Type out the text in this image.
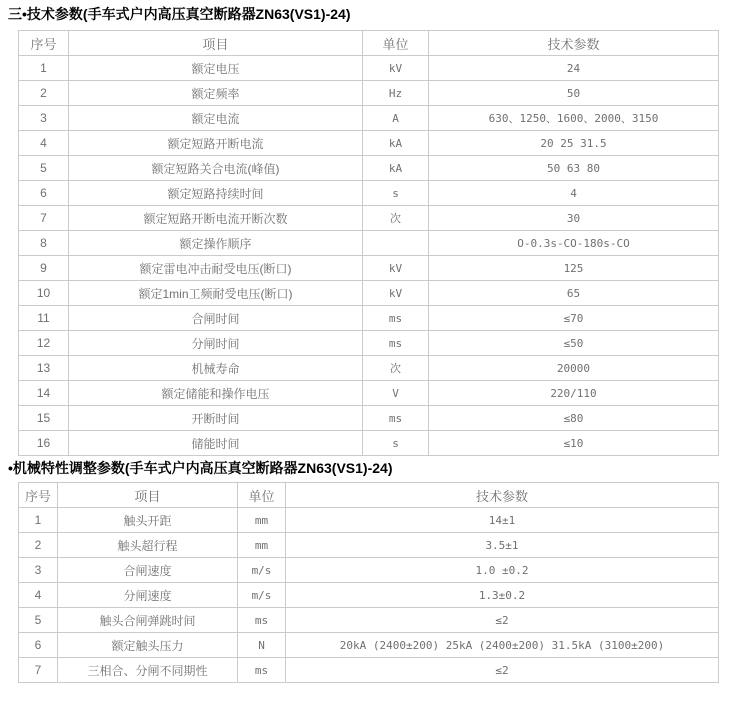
三•技术参数(手车式户内高压真空断路器ZN63(VS1)-24)
序号	项目	单位	技术参数
1	额定电压	kV	24
2	额定频率	Hz	50
3	额定电流	A	630、1250、1600、2000、3150
4	额定短路开断电流	kA	20 25 31.5
5	额定短路关合电流(峰值)	kA	50 63 80
6	额定短路持续时间	s	4
7	额定短路开断电流开断次数	次	30
8	额定操作顺序		O-0.3s-CO-180s-CO
9	额定雷电冲击耐受电压(断口)	kV	125
10	额定1min工频耐受电压(断口)	kV	65
11	合闸时间	ms	≤70
12	分闸时间	ms	≤50
13	机械寿命	次	20000
14	额定储能和操作电压	V	220/110
15	开断时间	ms	≤80
16	储能时间	s	≤10
•机械特性调整参数(手车式户内高压真空断路器ZN63(VS1)-24)
序号	项目	单位	技术参数
1	触头开距	mm	14±1
2	触头超行程	mm	3.5±1
3	合闸速度	m/s	1.0 ±0.2
4	分闸速度	m/s	1.3±0.2
5	触头合闸弹跳时间	ms	≤2
6	额定触头压力	N	20kA (2400±200) 25kA (2400±200) 31.5kA (3100±200)
7	三相合、分闸不同期性	ms	≤2
